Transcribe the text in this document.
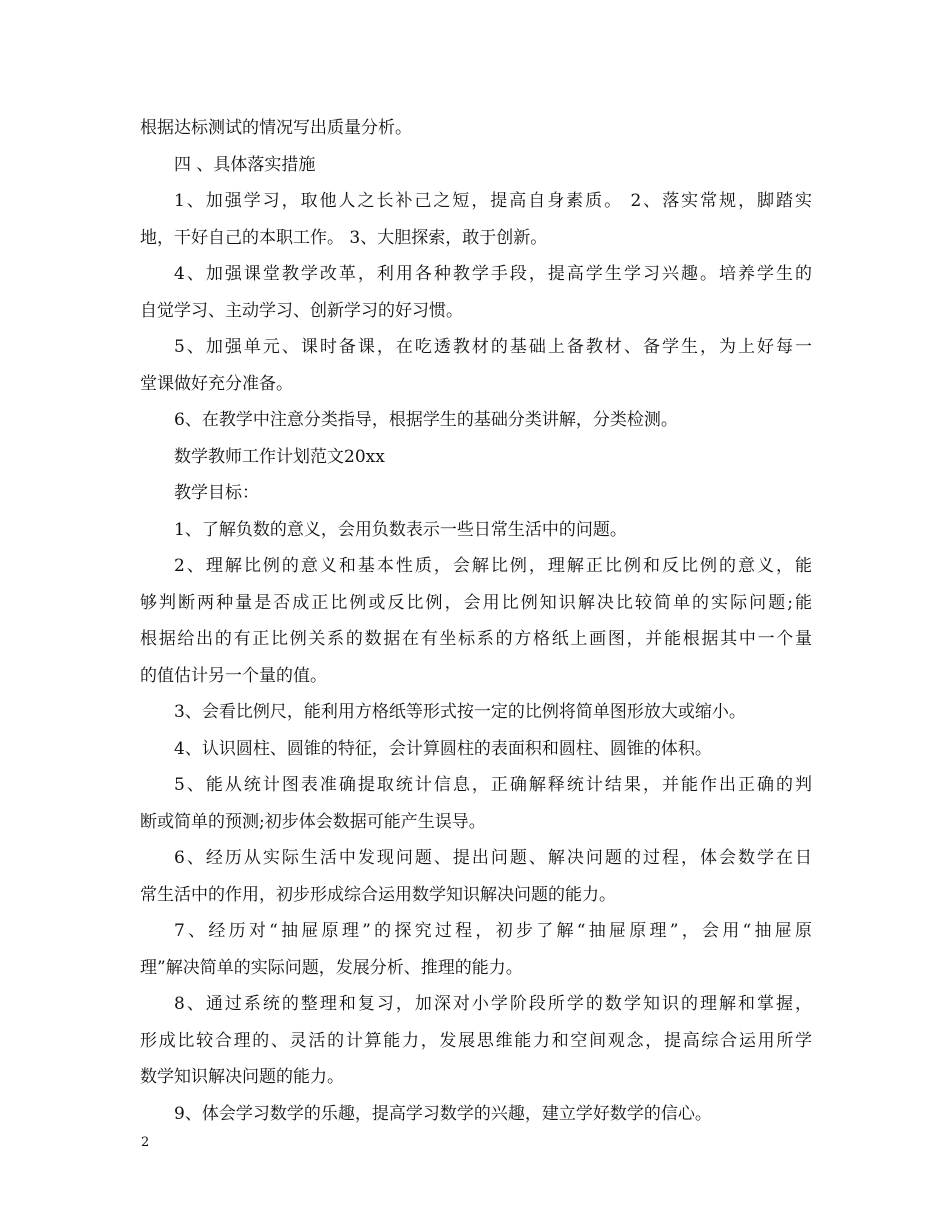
根据达标测试的情况写出质量分析。
四 、具体落实措施
1、加强学习，取他人之长补己之短，提高自身素质。 2、落实常规，脚踏实
地，干好自己的本职工作。 3、大胆探索，敢于创新。
4、加强课堂教学改革，利用各种教学手段，提高学生学习兴趣。培养学生的
自觉学习、主动学习、创新学习的好习惯。
5、加强单元、课时备课，在吃透教材的基础上备教材、备学生，为上好每一
堂课做好充分准备。
6、在教学中注意分类指导，根据学生的基础分类讲解，分类检测。
数学教师工作计划范文20xx
教学目标：
1、了解负数的意义，会用负数表示一些日常生活中的问题。
2、理解比例的意义和基本性质，会解比例，理解正比例和反比例的意义，能
够判断两种量是否成正比例或反比例，会用比例知识解决比较简单的实际问题;能
根据给出的有正比例关系的数据在有坐标系的方格纸上画图，并能根据其中一个量
的值估计另一个量的值。
3、会看比例尺，能利用方格纸等形式按一定的比例将简单图形放大或缩小。
4、认识圆柱、圆锥的特征，会计算圆柱的表面积和圆柱、圆锥的体积。
5、能从统计图表准确提取统计信息，正确解释统计结果，并能作出正确的判
断或简单的预测;初步体会数据可能产生误导。
6、经历从实际生活中发现问题、提出问题、解决问题的过程，体会数学在日
常生活中的作用，初步形成综合运用数学知识解决问题的能力。
7、经历对“抽屉原理”的探究过程，初步了解“抽屉原理”，会用“抽屉原
理”解决简单的实际问题，发展分析、推理的能力。
8、通过系统的整理和复习，加深对小学阶段所学的数学知识的理解和掌握，
形成比较合理的、灵活的计算能力，发展思维能力和空间观念，提高综合运用所学
数学知识解决问题的能力。
9、体会学习数学的乐趣，提高学习数学的兴趣，建立学好数学的信心。
2
